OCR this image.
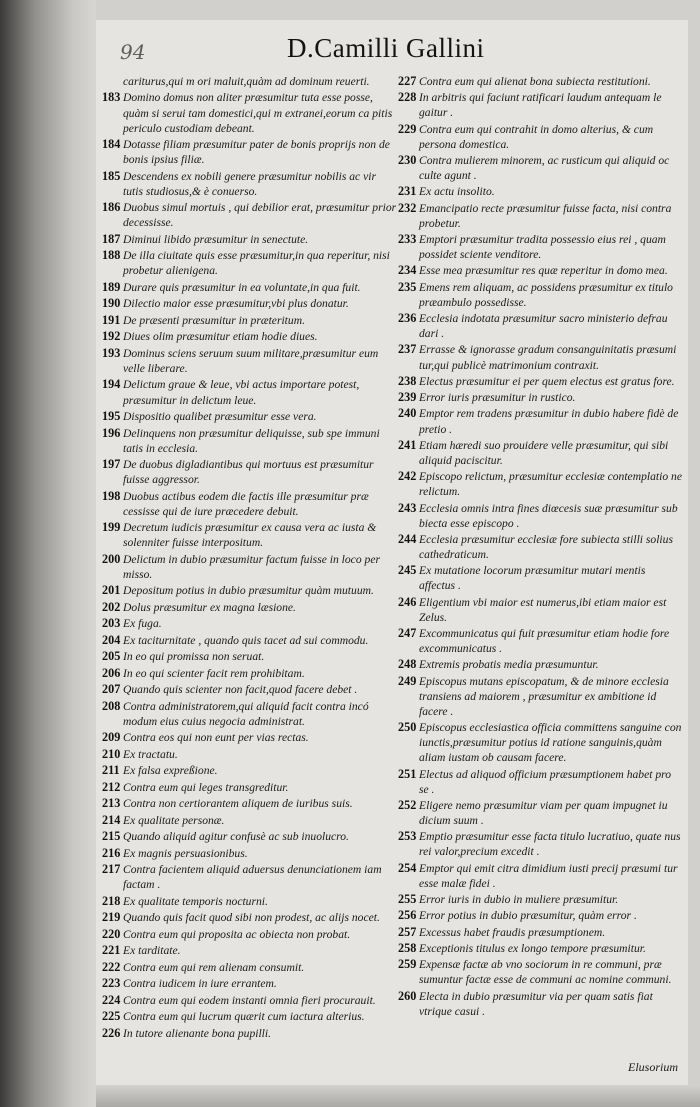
94	D.Camilli Gallini
cariturus,qui m ori maluit,quàm ad dominum reuerti.
183 Domino domus non aliter præsumitur tuta esse posse, quàm si serui tam domestici,qui m extranei,eorum ca pitis periculo custodiam debeant.
184 Dotasse filiam præsumitur pater de bonis proprijs non de bonis ipsius filiæ.
185 Descendens ex nobili genere præsumitur nobilis ac vir tutis studiosus,& è conuerso.
186 Duobus simul mortuis , qui debilior erat, præsumitur prior decessisse.
187 Diminui libido præsumitur in senectute.
188 De illa ciuitate quis esse præsumitur,in qua reperitur, nisi probetur alienigena.
189 Durare quis præsumitur in ea voluntate,in qua fuit.
190 Dilectio maior esse præsumitur,vbi plus donatur.
191 De præsenti præsumitur in præteritum.
192 Diues olim præsumitur etiam hodie diues.
193 Dominus sciens seruum suum militare,præsumitur eum velle liberare.
194 Delictum graue & leue, vbi actus importare potest, præsumitur in delictum leue.
195 Dispositio qualibet præsumitur esse vera.
196 Delinquens non præsumitur deliquisse, sub spe immuni tatis in ecclesia.
197 De duobus digladiantibus qui mortuus est præsumitur fuisse aggressor.
198 Duobus actibus eodem die factis ille præsumitur præ cessisse qui de iure præcedere debuit.
199 Decretum iudicis præsumitur ex causa vera ac iusta & solenniter fuisse interpositum.
200 Delictum in dubio præsumitur factum fuisse in loco per misso.
201 Depositum potius in dubio præsumitur quàm mutuum.
202 Dolus præsumitur ex magna læsione.
203 Ex fuga.
204 Ex taciturnitate , quando quis tacet ad sui commodu.
205 In eo qui promissa non seruat.
206 In eo qui scienter facit rem prohibitam.
207 Quando quis scienter non facit,quod facere debet .
208 Contra administratorem,qui aliquid facit contra incó modum eius cuius negocia administrat.
209 Contra eos qui non eunt per vias rectas.
210 Ex tractatu.
211 Ex falsa expreßione.
212 Contra eum qui leges transgreditur.
213 Contra non certiorantem aliquem de iuribus suis.
214 Ex qualitate personæ.
215 Quando aliquid agitur confusè ac sub inuolucro.
216 Ex magnis persuasionibus.
217 Contra facientem aliquid aduersus denunciationem iam factam .
218 Ex qualitate temporis nocturni.
219 Quando quis facit quod sibi non prodest, ac alijs nocet.
220 Contra eum qui proposita ac obiecta non probat.
221 Ex tarditate.
222 Contra eum qui rem alienam consumit.
223 Contra iudicem in iure errantem.
224 Contra eum qui eodem instanti omnia fieri procurauit.
225 Contra eum qui lucrum quærit cum iactura alterius.
226 In tutore alienante bona pupilli.
227 Contra eum qui alienat bona subiecta restitutioni.
228 In arbitris qui faciunt ratificari laudum antequam le gaitur .
229 Contra eum qui contrahit in domo alterius, & cum persona domestica.
230 Contra mulierem minorem, ac rusticum qui aliquid oc culte agunt .
231 Ex actu insolito.
232 Emancipatio recte præsumitur fuisse facta, nisi contra probetur.
233 Emptori præsumitur tradita possessio eius rei , quam possidet sciente venditore.
234 Esse mea præsumitur res quæ reperitur in domo mea.
235 Emens rem aliquam, ac possidens præsumitur ex titulo præambulo possedisse.
236 Ecclesia indotata præsumitur sacro ministerio defrau dari .
237 Errasse & ignorasse gradum consanguinitatis præsumi tur,qui publicè matrimonium contraxit.
238 Electus præsumitur ei per quem electus est gratus fore.
239 Error iuris præsumitur in rustico.
240 Emptor rem tradens præsumitur in dubio habere fidè de pretio .
241 Etiam hæredi suo prouidere velle præsumitur, qui sibi aliquid paciscitur.
242 Episcopo relictum, præsumitur ecclesiæ contemplatio ne relictum.
243 Ecclesia omnis intra fines diœcesis suæ præsumitur sub biecta esse episcopo .
244 Ecclesia præsumitur ecclesiæ fore subiecta stilli solius cathedraticum.
245 Ex mutatione locorum præsumitur mutari mentis affectus .
246 Eligentium vbi maior est numerus,ibi etiam maior est Zelus.
247 Excommunicatus qui fuit præsumitur etiam hodie fore excommunicatus .
248 Extremis probatis media præsumuntur.
249 Episcopus mutans episcopatum, & de minore ecclesia transiens ad maiorem , præsumitur ex ambitione id facere .
250 Episcopus ecclesiastica officia committens sanguine con iunctis,præsumitur potius id ratione sanguinis,quàm aliam iustam ob causam facere.
251 Electus ad aliquod officium præsumptionem habet pro se .
252 Eligere nemo præsumitur viam per quam impugnet iu dicium suum .
253 Emptio præsumitur esse facta titulo lucratiuo, quate nus rei valor,precium excedit .
254 Emptor qui emit citra dimidium iusti precij præsumi tur esse malæ fidei .
255 Error iuris in dubio in muliere præsumitur.
256 Error potius in dubio præsumitur, quàm error .
257 Excessus habet fraudis præsumptionem.
258 Exceptionis titulus ex longo tempore præsumitur.
259 Expensæ factæ ab vno sociorum in re communi, præ sumuntur factæ esse de communi ac nomine communi.
260 Electa in dubio præsumitur via per quam satis fiat vtrique casui .
Elusorium
